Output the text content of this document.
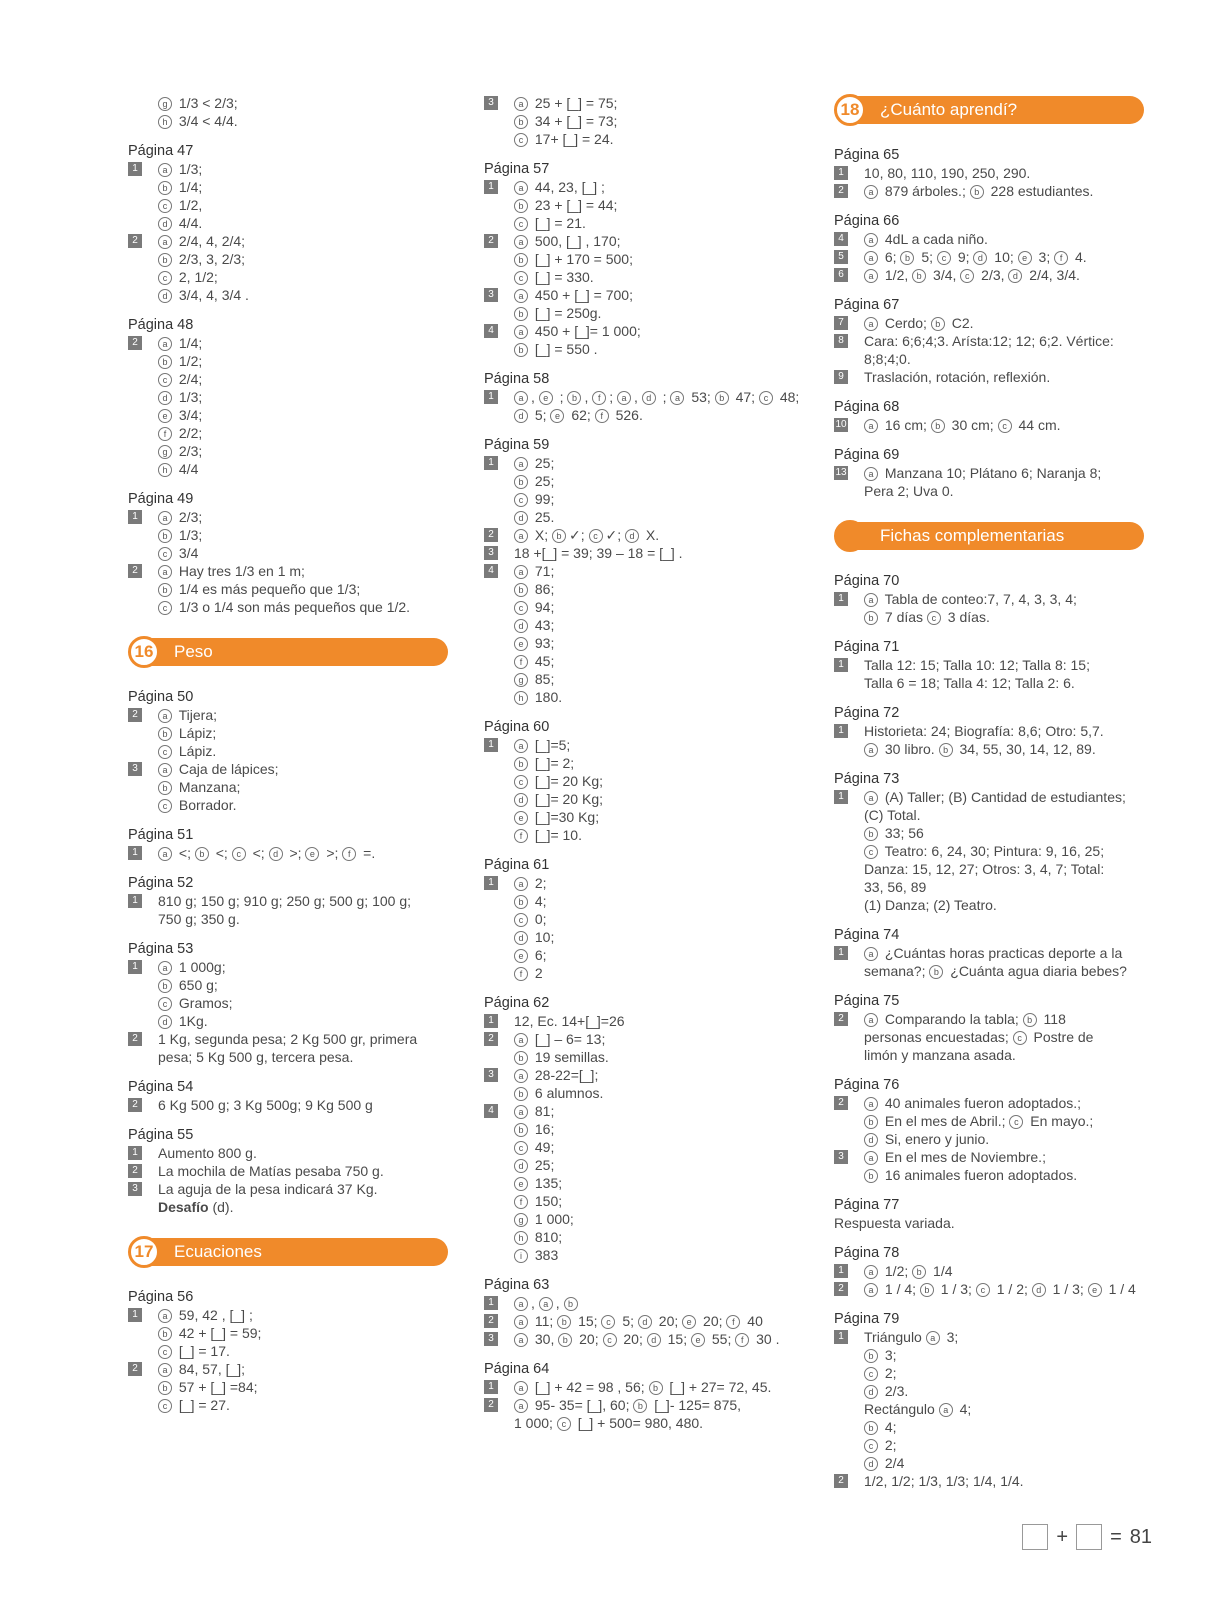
g 1/3 < 2/3;
h 3/4 < 4/4.
Página 47
1	a 1/3;
b 1/4;
c 1/2,
d 4/4.
2	a 2/4, 4, 2/4;
b 2/3, 3, 2/3;
c 2, 1/2;
d 3/4, 4, 3/4 .
Página 48
2	a 1/4;
b 1/2;
c 2/4;
d 1/3;
e 3/4;
f 2/2;
g 2/3;
h 4/4
Página 49
1	a 2/3;
b 1/3;
c 3/4
2	a Hay tres 1/3 en 1 m;
b 1/4 es más pequeño que 1/3;
c 1/3 o 1/4 son más pequeños que 1/2.
16	Peso
Página 50
2	a Tijera;
b Lápiz;
c Lápiz.
3	a Caja de lápices;
b Manzana;
c Borrador.
Página 51
1	a <; b <; c <; d >; e >; f =.
Página 52
1	810 g; 150 g; 910 g; 250 g; 500 g; 100 g;
750 g; 350 g.
Página 53
1	a 1 000g;
b 650 g;
c Gramos;
d 1Kg.
2	1 Kg, segunda pesa; 2 Kg 500 gr, primera
pesa; 5 Kg 500 g, tercera pesa.
Página 54
2	6 Kg 500 g; 3 Kg 500g; 9 Kg 500 g
Página 55
1	Aumento 800 g.
2	La mochila de Matías pesaba 750 g.
3	La aguja de la pesa indicará 37 Kg.
Desafío (d).
17	Ecuaciones
Página 56
1	a 59, 42 , [_] ;
b 42 + [_] = 59;
c [_] = 17.
2	a 84, 57, [_];
b 57 + [_] =84;
c [_] = 27.
3	a 25 + [_] = 75;
b 34 + [_] = 73;
c 17+ [_] = 24.
Página 57
1	a 44, 23, [_] ;
b 23 + [_] = 44;
c [_] = 21.
2	a 500, [_] , 170;
b [_] + 170 = 500;
c [_] = 330.
3	a 450 + [_] = 700;
b [_] = 250g.
4	a 450 + [_]= 1 000;
b [_] = 550 .
Página 58
1	a , e ; b , f ; a , d ; a 53; b 47; c 48;
d 5; e 62; f 526.
Página 59
1	a 25;
b 25;
c 99;
d 25.
2	a X; b ✓; c ✓; d X.
3	18 +[_] = 39; 39 – 18 = [_] .
4	a 71;
b 86;
c 94;
d 43;
e 93;
f 45;
g 85;
h 180.
Página 60
1	a [_]=5;
b [_]= 2;
c [_]= 20 Kg;
d [_]= 20 Kg;
e [_]=30 Kg;
f [_]= 10.
Página 61
1	a 2;
b 4;
c 0;
d 10;
e 6;
f 2
Página 62
1	12, Ec. 14+[_]=26
2	a [_] – 6= 13;
b 19 semillas.
3	a 28-22=[_];
b 6 alumnos.
4	a 81;
b 16;
c 49;
d 25;
e 135;
f 150;
g 1 000;
h 810;
i 383
Página 63
1	a , a , b
2	a 11; b 15; c 5; d 20; e 20; f 40
3	a 30, b 20; c 20; d 15; e 55; f 30 .
Página 64
1	a [_] + 42 = 98 , 56; b [_] + 27= 72, 45.
2	a 95- 35= [_], 60; b [_]- 125= 875,
1 000; c [_] + 500= 980, 480.
18	¿Cuánto aprendí?
Página 65
1	10, 80, 110, 190, 250, 290.
2	a 879 árboles.; b 228 estudiantes.
Página 66
4	a 4dL a cada niño.
5	a 6; b 5; c 9; d 10; e 3; f 4.
6	a 1/2, b 3/4, c 2/3, d 2/4, 3/4.
Página 67
7	a Cerdo; b C2.
8	Cara: 6;6;4;3. Arísta:12; 12; 6;2. Vértice:
8;8;4;0.
9	Traslación, rotación, reflexión.
Página 68
10	a 16 cm; b 30 cm; c 44 cm.
Página 69
13	a Manzana 10; Plátano 6; Naranja 8;
Pera 2; Uva 0.
Fichas complementarias
Página 70
1	a Tabla de conteo:7, 7, 4, 3, 3, 4;
b 7 días c 3 días.
Página 71
1	Talla 12: 15; Talla 10: 12; Talla 8: 15;
Talla 6 = 18; Talla 4: 12; Talla 2: 6.
Página 72
1	Historieta: 24; Biografía: 8,6; Otro: 5,7.
a 30 libro. b 34, 55, 30, 14, 12, 89.
Página 73
1	a (A) Taller; (B) Cantidad de estudiantes;
(C) Total.
b 33; 56
c Teatro: 6, 24, 30; Pintura: 9, 16, 25;
Danza: 15, 12, 27; Otros: 3, 4, 7; Total:
33, 56, 89
(1) Danza; (2) Teatro.
Página 74
1	a ¿Cuántas horas practicas deporte a la
semana?; b ¿Cuánta agua diaria bebes?
Página 75
2	a Comparando la tabla; b 118
personas encuestadas; c Postre de
limón y manzana asada.
Página 76
2	a 40 animales fueron adoptados.;
b En el mes de Abril.; c En mayo.;
d Si, enero y junio.
3	a En el mes de Noviembre.;
b 16 animales fueron adoptados.
Página 77
Respuesta variada.
Página 78
1	a 1/2; b 1/4
2	a 1 / 4; b 1 / 3; c 1 / 2; d 1 / 3; e 1 / 4
Página 79
1	Triángulo a 3;
b 3;
c 2;
d 2/3.
Rectángulo a 4;
b 4;
c 2;
d 2/4
2	1/2, 1/2; 1/3, 1/3; 1/4, 1/4.
+ = 81
